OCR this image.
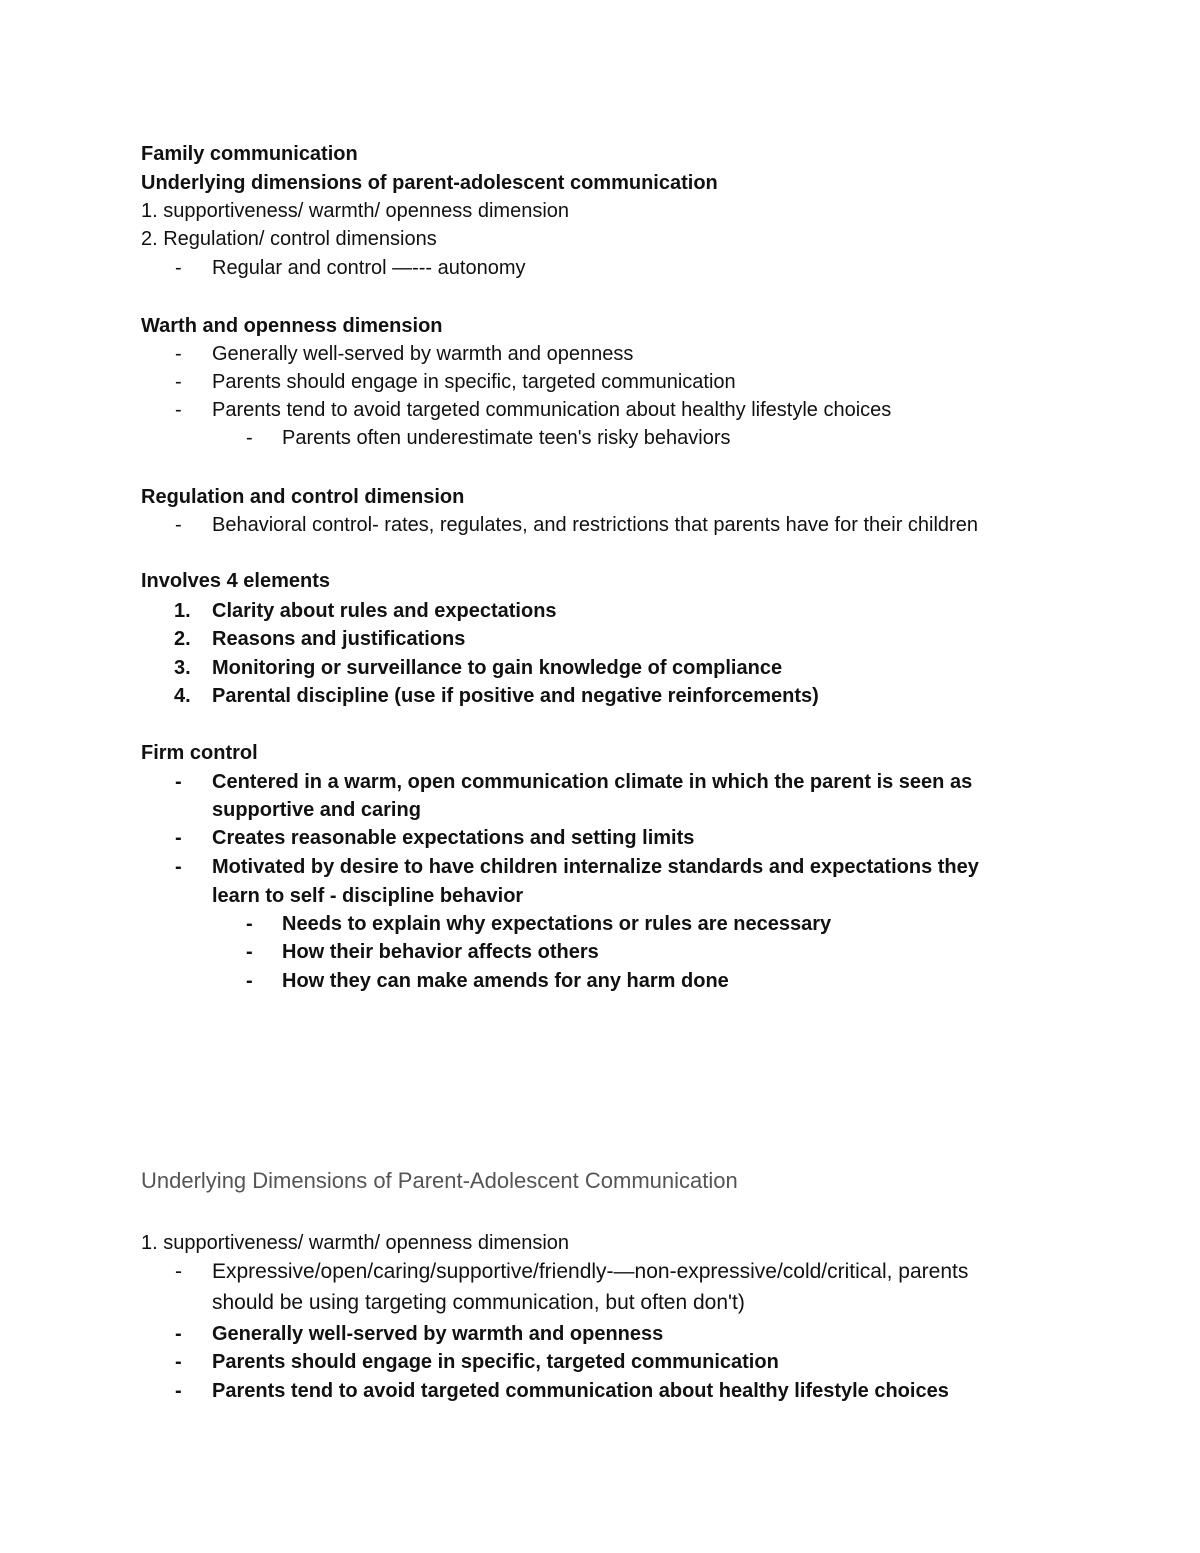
Family communication
Underlying dimensions of parent-adolescent communication
1. supportiveness/ warmth/ openness dimension
2. Regulation/ control dimensions
- Regular and control —--- autonomy
Warth and openness dimension
- Generally well-served by warmth and openness
- Parents should engage in specific, targeted communication
- Parents tend to avoid targeted communication about healthy lifestyle choices
- Parents often underestimate teen's risky behaviors
Regulation and control dimension
- Behavioral control- rates, regulates, and restrictions that parents have for their children
Involves 4 elements
1. Clarity about rules and expectations
2. Reasons and justifications
3. Monitoring or surveillance to gain knowledge of compliance
4. Parental discipline (use if positive and negative reinforcements)
Firm control
- Centered in a warm, open communication climate in which the parent is seen as
supportive and caring
- Creates reasonable expectations and setting limits
- Motivated by desire to have children internalize standards and expectations they
learn to self - discipline behavior
- Needs to explain why expectations or rules are necessary
- How their behavior affects others
- How they can make amends for any harm done
Underlying Dimensions of Parent-Adolescent Communication
1. supportiveness/ warmth/ openness dimension
- Expressive/open/caring/supportive/friendly-—non-expressive/cold/critical, parents
should be using targeting communication, but often don't)
- Generally well-served by warmth and openness
- Parents should engage in specific, targeted communication
- Parents tend to avoid targeted communication about healthy lifestyle choices
